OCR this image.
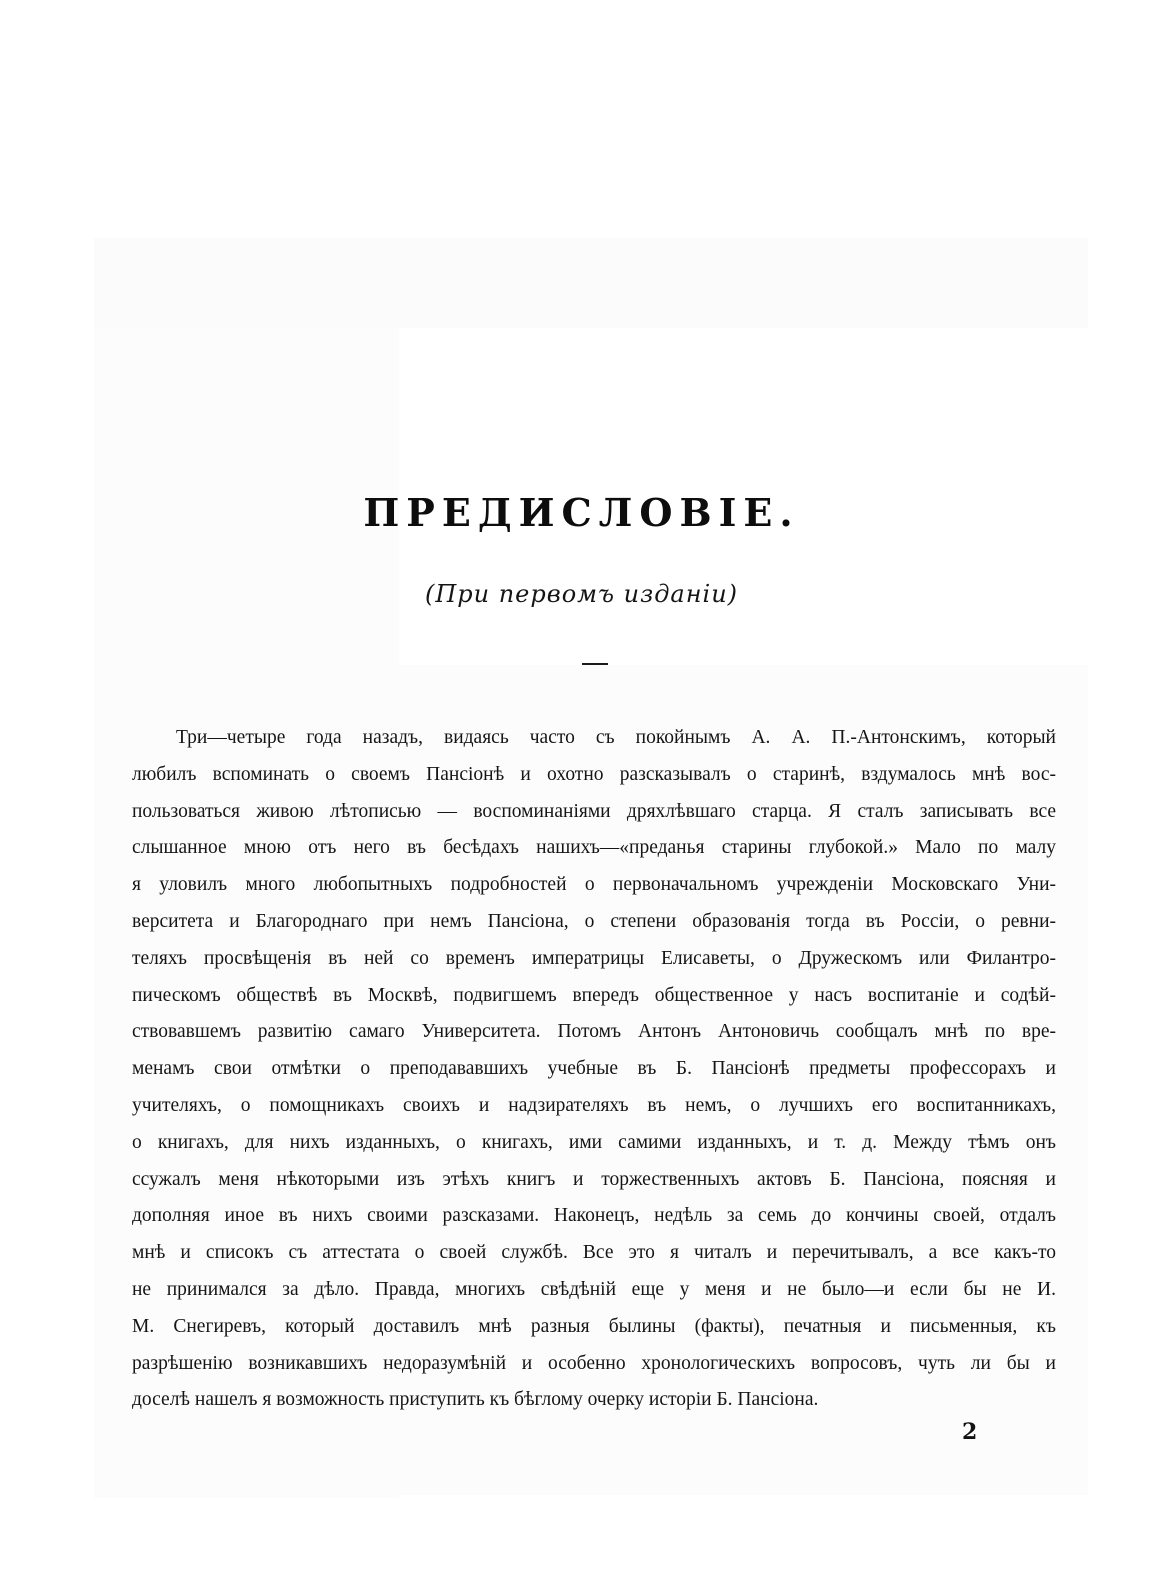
ПРЕДИСЛОВІЕ.
(При первомъ изданіи)
Три—четыре года назадъ, видаясь часто съ покойнымъ А. А. П.-Антонскимъ, который
любилъ вспоминать о своемъ Пансіонѣ и охотно разсказывалъ о старинѣ, вздумалось мнѣ вос-
пользоваться живою лѣтописью — воспоминаніями дряхлѣвшаго старца. Я сталъ записывать все
слышанное мною отъ него въ бесѣдахъ нашихъ—«преданья старины глубокой.» Мало по малу
я уловилъ много любопытныхъ подробностей о первоначальномъ учрежденіи Московскаго Уни-
верситета и Благороднаго при немъ Пансіона, о степени образованія тогда въ Россіи, о ревни-
теляхъ просвѣщенія въ ней со временъ императрицы Елисаветы, о Дружескомъ или Филантро-
пическомъ обществѣ въ Москвѣ, подвигшемъ впередъ общественное у насъ воспитаніе и содѣй-
ствовавшемъ развитію самаго Университета. Потомъ Антонъ Антоновичь сообщалъ мнѣ по вре-
менамъ свои отмѣтки о преподававшихъ учебные въ Б. Пансіонѣ предметы профессорахъ и
учителяхъ, о помощникахъ своихъ и надзирателяхъ въ немъ, о лучшихъ его воспитанникахъ,
о книгахъ, для нихъ изданныхъ, о книгахъ, ими самими изданныхъ, и т. д. Между тѣмъ онъ
ссужалъ меня нѣкоторыми изъ этѣхъ книгъ и торжественныхъ актовъ Б. Пансіона, поясняя и
дополняя иное въ нихъ своими разсказами. Наконецъ, недѣль за семь до кончины своей, отдалъ
мнѣ и списокъ съ аттестата о своей службѣ. Все это я читалъ и перечитывалъ, а все какъ-то
не принимался за дѣло. Правда, многихъ свѣдѣній еще у меня и не было—и если бы не И.
М. Снегиревъ, который доставилъ мнѣ разныя былины (факты), печатныя и письменныя, къ
разрѣшенію возникавшихъ недоразумѣній и особенно хронологическихъ вопросовъ, чуть ли бы и
доселѣ нашелъ я возможность приступить къ бѣглому очерку исторіи Б. Пансіона.
2
